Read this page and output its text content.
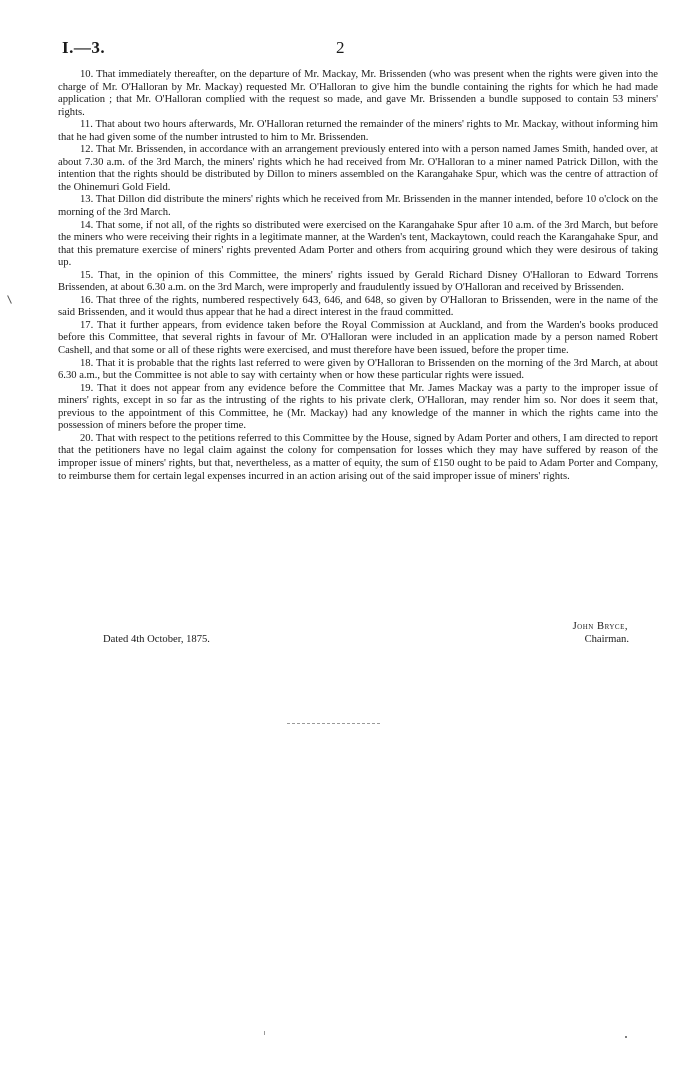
I.—3.	2

10. That immediately thereafter, on the departure of Mr. Mackay, Mr. Brissenden (who was present when the rights were given into the charge of Mr. O'Halloran by Mr. Mackay) requested Mr. O'Halloran to give him the bundle containing the rights for which he had made application ; that Mr. O'Halloran complied with the request so made, and gave Mr. Brissenden a bundle supposed to contain 53 miners' rights.

11. That about two hours afterwards, Mr. O'Halloran returned the remainder of the miners' rights to Mr. Mackay, without informing him that he had given some of the number intrusted to him to Mr. Brissenden.

12. That Mr. Brissenden, in accordance with an arrangement previously entered into with a person named James Smith, handed over, at about 7.30 a.m. of the 3rd March, the miners' rights which he had received from Mr. O'Halloran to a miner named Patrick Dillon, with the intention that the rights should be distributed by Dillon to miners assembled on the Karangahake Spur, which was the centre of attraction of the Ohinemuri Gold Field.

13. That Dillon did distribute the miners' rights which he received from Mr. Brissenden in the manner intended, before 10 o'clock on the morning of the 3rd March.

14. That some, if not all, of the rights so distributed were exercised on the Karangahake Spur after 10 a.m. of the 3rd March, but before the miners who were receiving their rights in a legitimate manner, at the Warden's tent, Mackaytown, could reach the Karangahake Spur, and that this premature exercise of miners' rights prevented Adam Porter and others from acquiring ground which they were desirous of taking up.

15. That, in the opinion of this Committee, the miners' rights issued by Gerald Richard Disney O'Halloran to Edward Torrens Brissenden, at about 6.30 a.m. on the 3rd March, were improperly and fraudulently issued by O'Halloran and received by Brissenden.

16. That three of the rights, numbered respectively 643, 646, and 648, so given by O'Halloran to Brissenden, were in the name of the said Brissenden, and it would thus appear that he had a direct interest in the fraud committed.

17. That it further appears, from evidence taken before the Royal Commission at Auckland, and from the Warden's books produced before this Committee, that several rights in favour of Mr. O'Halloran were included in an application made by a person named Robert Cashell, and that some or all of these rights were exercised, and must therefore have been issued, before the proper time.

18. That it is probable that the rights last referred to were given by O'Halloran to Brissenden on the morning of the 3rd March, at about 6.30 a.m., but the Committee is not able to say with certainty when or how these particular rights were issued.

19. That it does not appear from any evidence before the Committee that Mr. James Mackay was a party to the improper issue of miners' rights, except in so far as the intrusting of the rights to his private clerk, O'Halloran, may render him so. Nor does it seem that, previous to the appointment of this Committee, he (Mr. Mackay) had any knowledge of the manner in which the rights came into the possession of miners before the proper time.

20. That with respect to the petitions referred to this Committee by the House, signed by Adam Porter and others, I am directed to report that the petitioners have no legal claim against the colony for compensation for losses which they may have suffered by reason of the improper issue of miners' rights, but that, nevertheless, as a matter of equity, the sum of £150 ought to be paid to Adam Porter and Company, to reimburse them for certain legal expenses incurred in an action arising out of the said improper issue of miners' rights.

John Bryce,
Dated 4th October, 1875.	Chairman.
